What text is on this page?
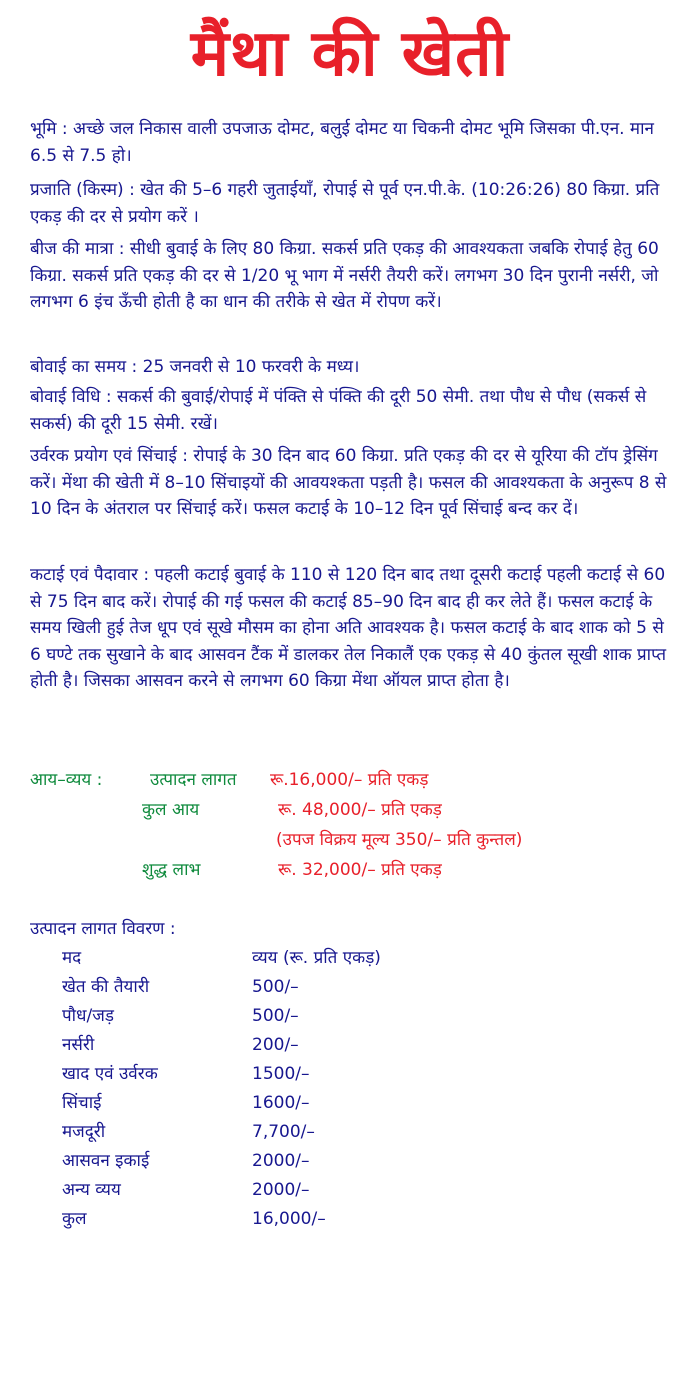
मैंथा की खेती
भूमि : अच्छे जल निकास वाली उपजाऊ दोमट, बलुई दोमट या चिकनी दोमट भूमि जिसका पी.एन. मान 6.5 से 7.5 हो।
प्रजाति (किस्म) : खेत की 5–6 गहरी जुताईयाँ, रोपाई से पूर्व एन.पी.के. (10:26:26) 80 किग्रा. प्रति एकड़ की दर से प्रयोग करें ।
बीज की मात्रा : सीधी बुवाई के लिए 80 किग्रा. सकर्स प्रति एकड़ की आवश्यकता जबकि रोपाई हेतु 60 किग्रा. सकर्स प्रति एकड़ की दर से 1/20 भू भाग में नर्सरी तैयरी करें। लगभग 30 दिन पुरानी नर्सरी, जो लगभग 6 इंच ऊँची होती है का धान की तरीके से खेत में रोपण करें।
बोवाई का समय : 25 जनवरी से 10 फरवरी के मध्य।
बोवाई विधि : सकर्स की बुवाई/रोपाई में पंक्ति से पंक्ति की दूरी 50 सेमी. तथा पौध से पौध (सकर्स से सकर्स) की दूरी 15 सेमी. रखें।
उर्वरक प्रयोग एवं सिंचाई : रोपाई के 30 दिन बाद 60 किग्रा. प्रति एकड़ की दर से यूरिया की टॉप ड्रेसिंग करें। मेंथा की खेती में 8–10 सिंचाइयों की आवयश्कता पड़ती है। फसल की आवश्यकता के अनुरूप 8 से 10 दिन के अंतराल पर सिंचाई करें। फसल कटाई के 10–12 दिन पूर्व सिंचाई बन्द कर दें।
कटाई एवं पैदावार : पहली कटाई बुवाई के 110 से 120 दिन बाद तथा दूसरी कटाई पहली कटाई से 60 से 75 दिन बाद करें। रोपाई की गई फसल की कटाई 85–90 दिन बाद ही कर लेते हैं। फसल कटाई के समय खिली हुई तेज धूप एवं सूखे मौसम का होना अति आवश्यक है। फसल कटाई के बाद शाक को 5 से 6 घण्टे तक सुखाने के बाद आसवन टैंक में डालकर तेल निकालैं एक एकड़ से 40 कुंतल सूखी शाक प्राप्त होती है। जिसका आसवन करने से लगभग 60 किग्रा मेंथा ऑयल प्राप्त होता है।
आय–व्यय :	उत्पादन लागत रू.16,000/– प्रति एकड़
कुल आय	रू. 48,000/– प्रति एकड़
(उपज विक्रय मूल्य 350/– प्रति कुन्तल)
शुद्ध लाभ	रू. 32,000/– प्रति एकड़
उत्पादन लागत विवरण :
मद	व्यय (रू. प्रति एकड़)
खेत की तैयारी	500/–
पौध/जड़	500/–
नर्सरी	200/–
खाद एवं उर्वरक	1500/–
सिंचाई	1600/–
मजदूरी	7,700/–
आसवन इकाई	2000/–
अन्य व्यय	2000/–
कुल	16,000/–
